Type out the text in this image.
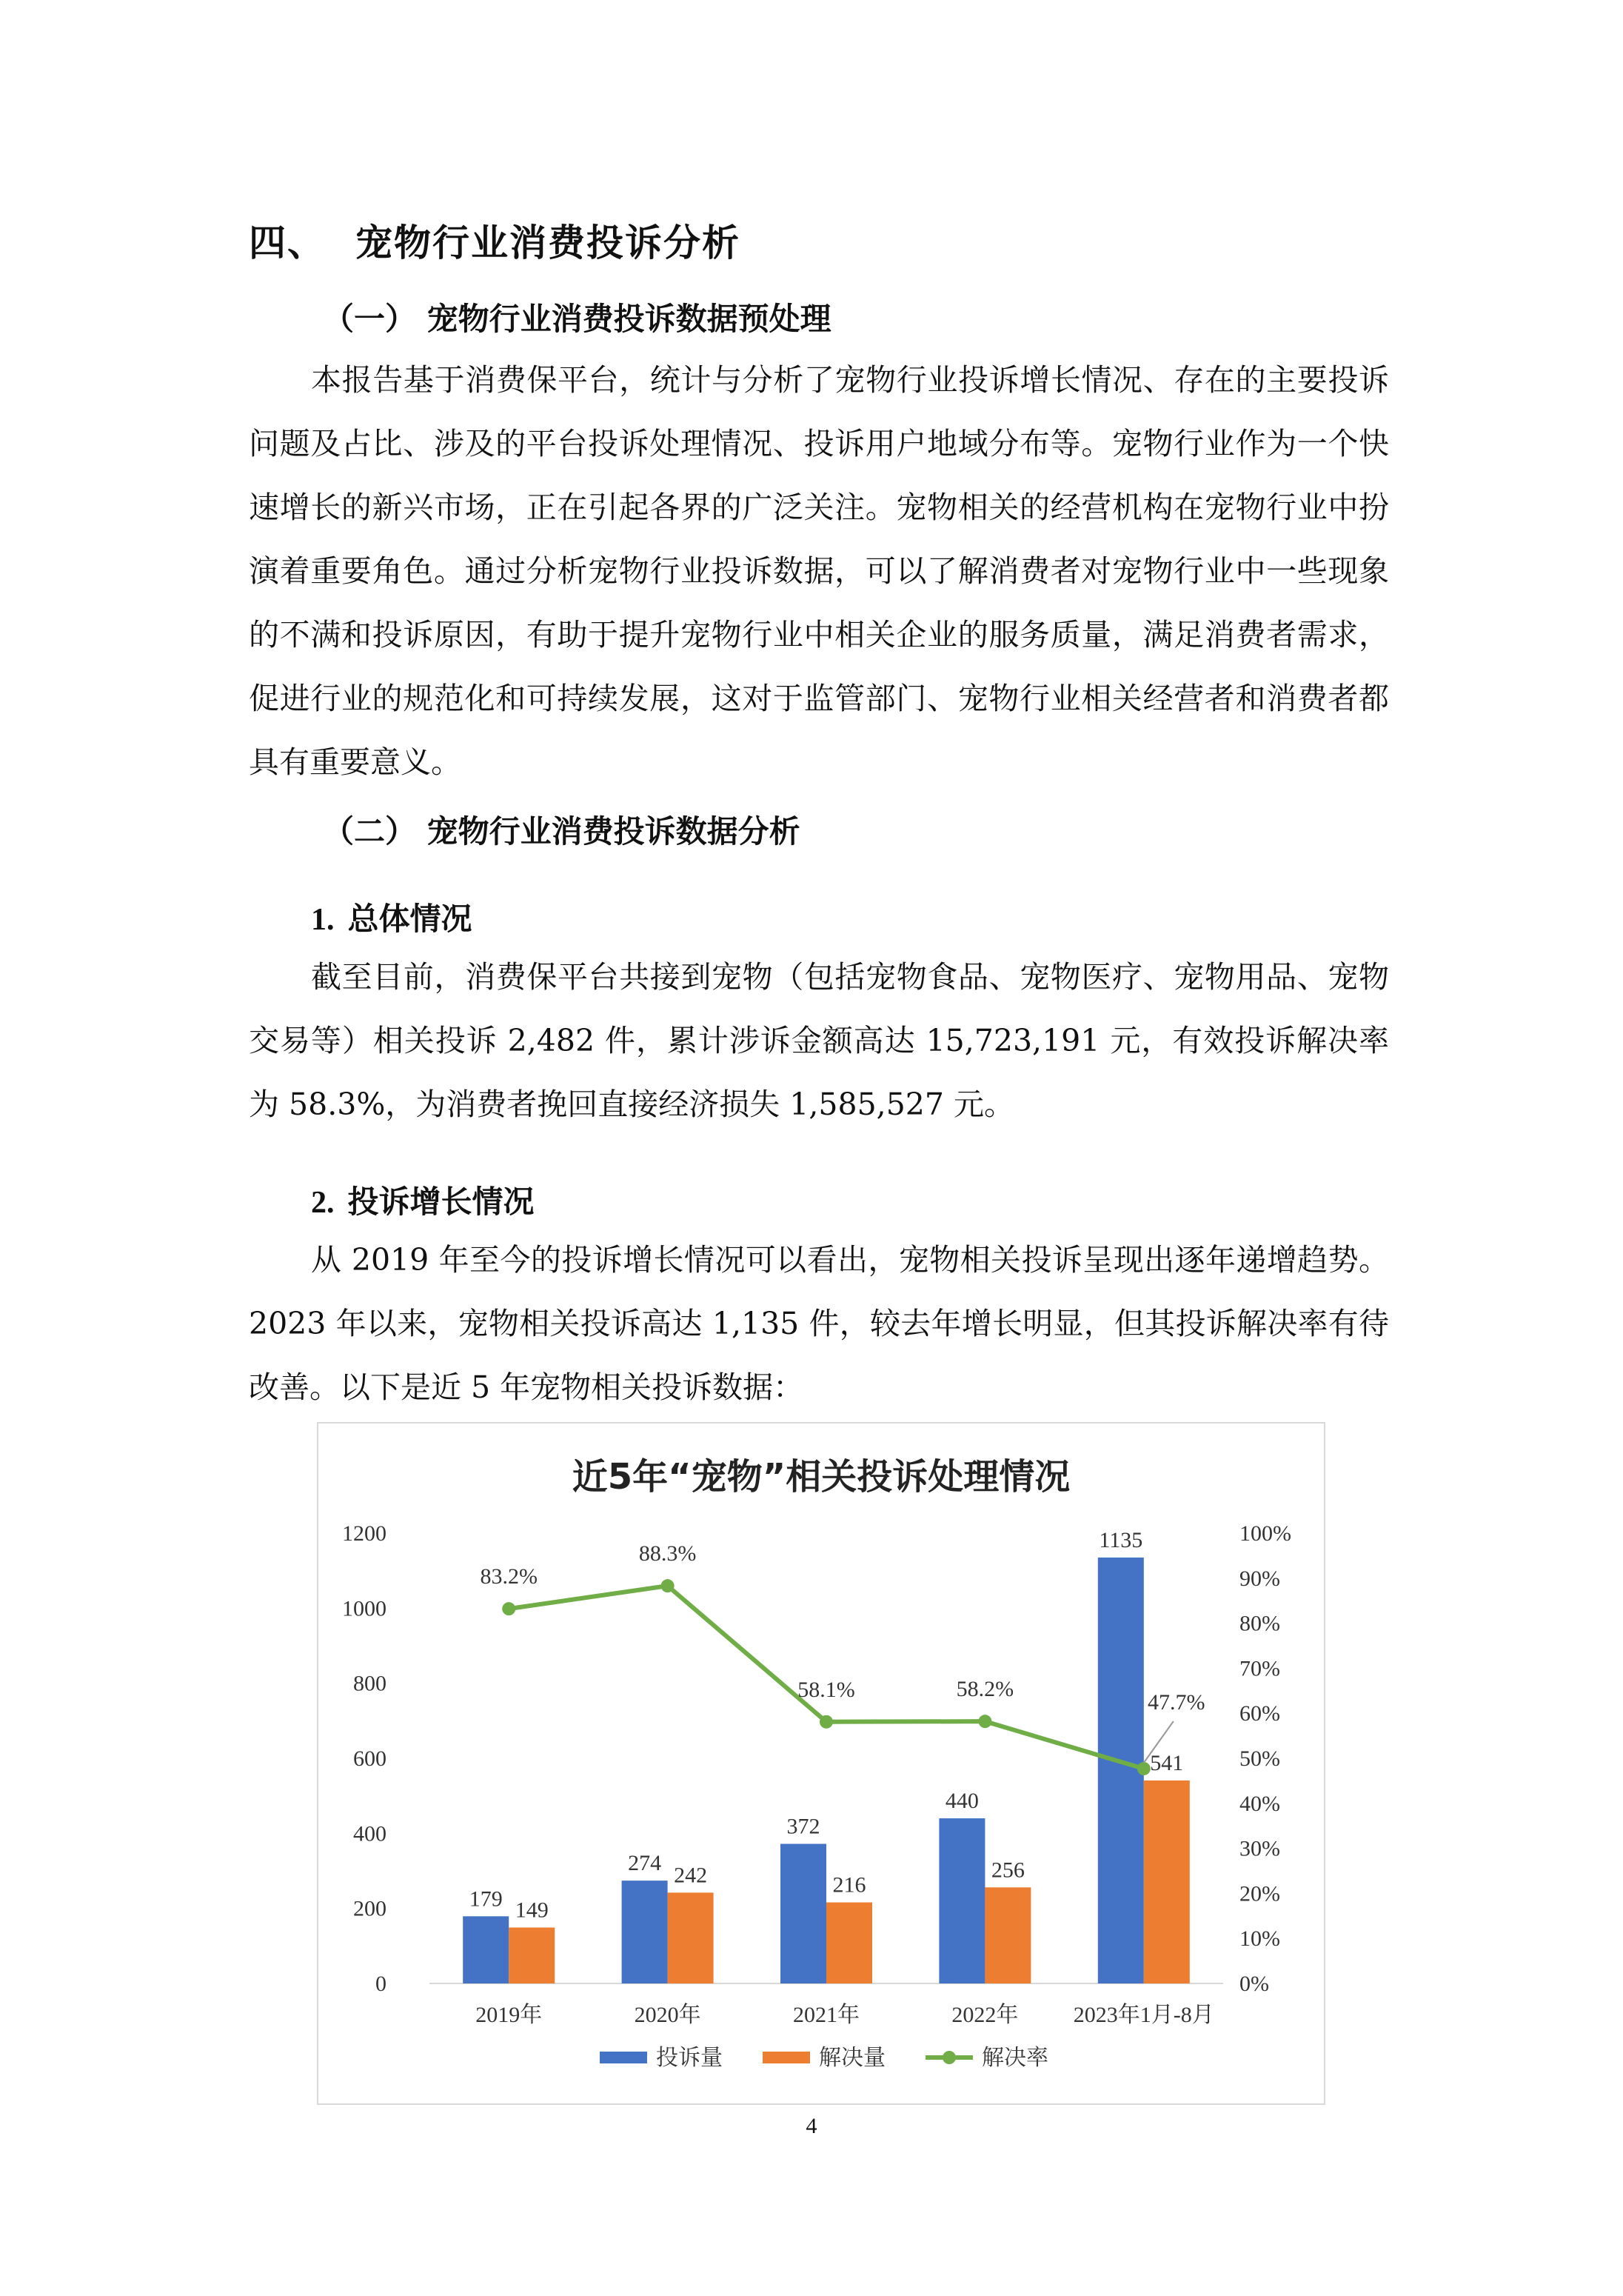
四、 宠物行业消费投诉分析
（一） 宠物行业消费投诉数据预处理
本报告基于消费保平台，统计与分析了宠物行业投诉增长情况、存在的主要投诉问题及占比、涉及的平台投诉处理情况、投诉用户地域分布等。宠物行业作为一个快速增长的新兴市场，正在引起各界的广泛关注。宠物相关的经营机构在宠物行业中扮演着重要角色。通过分析宠物行业投诉数据，可以了解消费者对宠物行业中一些现象的不满和投诉原因，有助于提升宠物行业中相关企业的服务质量，满足消费者需求，促进行业的规范化和可持续发展，这对于监管部门、宠物行业相关经营者和消费者都具有重要意义。
（二） 宠物行业消费投诉数据分析
1. 总体情况
截至目前，消费保平台共接到宠物（包括宠物食品、宠物医疗、宠物用品、宠物交易等）相关投诉 2,482 件，累计涉诉金额高达 15,723,191 元，有效投诉解决率为 58.3%，为消费者挽回直接经济损失 1,585,527 元。
2. 投诉增长情况
从 2019 年至今的投诉增长情况可以看出，宠物相关投诉呈现出逐年递增趋势。2023 年以来，宠物相关投诉高达 1,135 件，较去年增长明显，但其投诉解决率有待改善。以下是近 5 年宠物相关投诉数据：
近5年“宠物”相关投诉处理情况
0
200
400
600
800
1000
1200
0%
10%
20%
30%
40%
50%
60%
70%
80%
90%
100%
179 149
2019年
274 242
2020年
372
216
2021年
440
256
2022年
1135
541
2023年1月-8月
83.2%
88.3%
58.1%	58.2%
47.7%
投诉量	解决量	解决率
4
